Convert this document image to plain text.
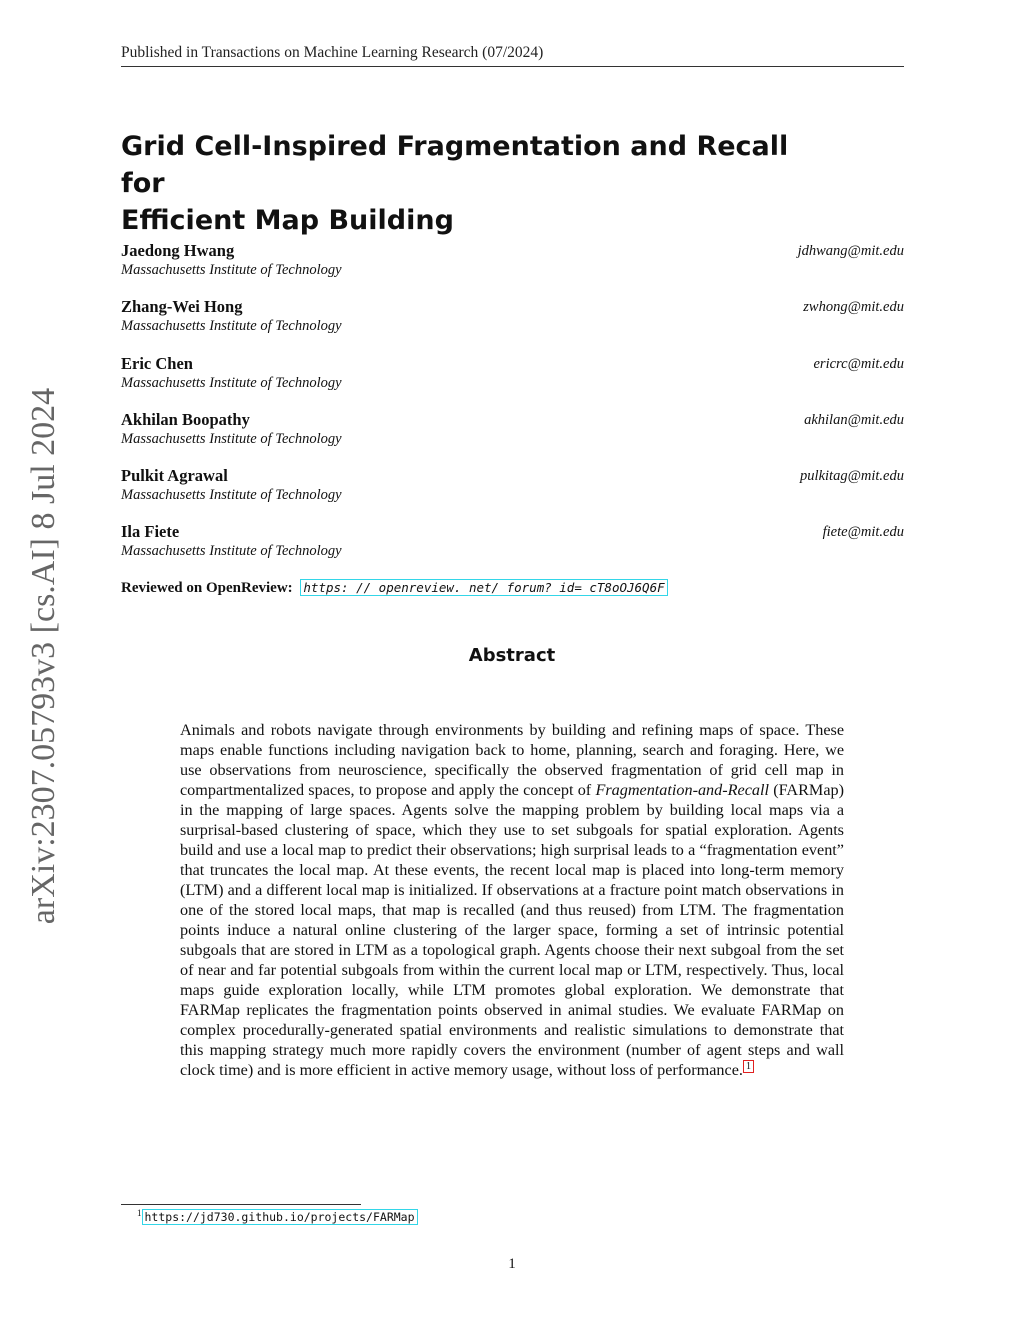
Published in Transactions on Machine Learning Research (07/2024)
arXiv:2307.05793v3 [cs.AI] 8 Jul 2024
Grid Cell-Inspired Fragmentation and Recall for
Efficient Map Building
Jaedong Hwang
Massachusetts Institute of Technology
jdhwang@mit.edu
Zhang-Wei Hong
Massachusetts Institute of Technology
zwhong@mit.edu
Eric Chen
Massachusetts Institute of Technology
ericrc@mit.edu
Akhilan Boopathy
Massachusetts Institute of Technology
akhilan@mit.edu
Pulkit Agrawal
Massachusetts Institute of Technology
pulkitag@mit.edu
Ila Fiete
Massachusetts Institute of Technology
fiete@mit.edu
Reviewed on OpenReview: https: // openreview. net/ forum? id= cT8oOJ6Q6F
Abstract
Animals and robots navigate through environments by building and refining maps of space. These maps enable functions including navigation back to home, planning, search and foraging. Here, we use observations from neuroscience, specifically the observed fragmentation of grid cell map in compartmentalized spaces, to propose and apply the concept of Fragmentation-and-Recall (FARMap) in the mapping of large spaces. Agents solve the mapping problem by building local maps via a surprisal-based clustering of space, which they use to set subgoals for spatial exploration. Agents build and use a local map to predict their observations; high surprisal leads to a “fragmentation event” that truncates the local map. At these events, the recent local map is placed into long-term memory (LTM) and a different local map is initialized. If observations at a fracture point match observations in one of the stored local maps, that map is recalled (and thus reused) from LTM. The fragmentation points induce a natural online clustering of the larger space, forming a set of intrinsic potential subgoals that are stored in LTM as a topological graph. Agents choose their next subgoal from the set of near and far potential subgoals from within the current local map or LTM, respectively. Thus, local maps guide exploration locally, while LTM promotes global exploration. We demonstrate that FARMap replicates the fragmentation points observed in animal studies. We evaluate FARMap on complex procedurally-generated spatial environments and realistic simulations to demonstrate that this mapping strategy much more rapidly covers the environment (number of agent steps and wall clock time) and is more efficient in active memory usage, without loss of performance. $^1$
$^1$ https://jd730.github.io/projects/FARMap
1
